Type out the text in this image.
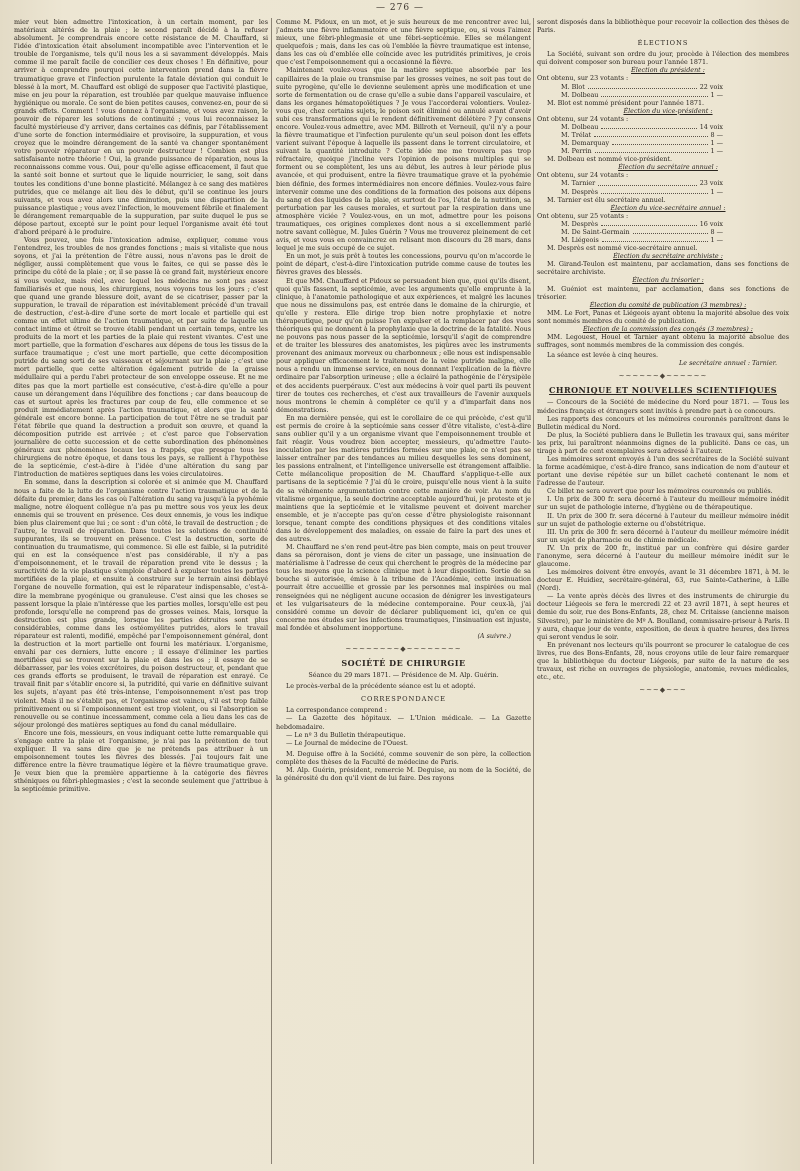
— 276 —

mier veut bien admettre l'intoxication, à un certain moment, par les matériaux altérés de la plaie ; le second paraît décidé à la refuser absolument. Je comprendrais encore cette résistance de M. Chauffard, si l'idée d'intoxication était absolument incompatible avec l'intervention et le trouble de l'organisme, tels qu'il nous les a si savamment développés. Mais comme il me paraît facile de concilier ces deux choses ! En définitive, pour arriver à comprendre pourquoi cette intervention prend dans la fièvre traumatique grave et l'infection purulente la fatale déviation qui conduit le blessé à la mort, M. Chauffard est obligé de supposer que l'activité plastique, mise en jeu pour la réparation, est troublée par quelque mauvaise influence hygiénique ou morale. Ce sont de bien petites causes, convenez-en, pour de si grands effets. Comment ! vous donnez à l'organisme, et vous avez raison, le pouvoir de réparer les solutions de continuité ; vous lui reconnaissez la faculté mystérieuse d'y arriver, dans certaines cas définis, par l'établissement d'une sorte de fonction intermédiaire et provisoire, la suppuration, et vous croyez que le moindre dérangement de la santé va changer spontanément votre pouvoir réparateur en un pouvoir destructeur ! Combien est plus satisfaisante notre théorie ! Oui, la grande puissance de réparation, nous la reconnaissons comme vous. Oui, pour qu'elle agisse efficacement, il faut que la santé soit bonne et surtout que le liquide nourricier, le sang, soit dans toutes les conditions d'une bonne plasticité. Mélangez à ce sang des matières putrides, que ce mélange ait lieu dès le début, qu'il se continue les jours suivants, et vous avez alors une diminution, puis une disparition de la puissance plastique ; vous avez l'infection, le mouvement fébrile et finalement le dérangement remarquable de la suppuration, par suite duquel le pus se dépose partout, excepté sur le point pour lequel l'organisme avait été tout d'abord préparé à le produire.

Vous pouvez, une fois l'intoxication admise, expliquer, comme vous l'entendrez, les troubles de nos grandes fonctions ; mais si vitaliste que nous soyons, et j'ai la prétention de l'être aussi, nous n'avons pas le droit de négliger, aussi complètement que vous le faites, ce qui se passe dès le principe du côté de la plaie ; or, il se passe là ce grand fait, mystérieux encore si vous voulez, mais réel, avec lequel les médecins ne sont pas assez familiarisés et que nous, les chirurgiens, nous voyons tous les jours ; c'est que quand une grande blessure doit, avant de se cicatriser, passer par la suppuration, le travail de réparation est inévitablement précédé d'un travail de destruction, c'est-à-dire d'une sorte de mort locale et partielle qui est comme un effet ultime de l'action traumatique, et par suite de laquelle un contact intime et étroit se trouve établi pendant un certain temps, entre les produits de la mort et les parties de la plaie qui restent vivantes. C'est une mort partielle, que la formation d'eschares aux dépens de tous les tissus de la surface traumatique ; c'est une mort partielle, que cette décomposition putride du sang sorti de ses vaisseaux et séjournant sur la plaie ; c'est une mort partielle, que cette altération également putride de la graisse médullaire qui a perdu l'abri protecteur de son enveloppe osseuse. Et ne me dites pas que la mort partielle est consécutive, c'est-à-dire qu'elle a pour cause un dérangement dans l'équilibre des fonctions ; car dans beaucoup de cas et surtout après les fractures par coup de feu, elle commence et se produit immédiatement après l'action traumatique, et alors que la santé générale est encore bonne. La participation de tout l'être ne se traduit par l'état fébrile que quand la destruction a produit son œuvre, et quand la décomposition putride est arrivée ; et c'est parce que l'observation journalière de cette succession et de cette subordination des phénomènes généraux aux phénomènes locaux les a frappés, que presque tous les chirurgiens de notre époque, et dans tous les pays, se rallient à l'hypothèse de la septicémie, c'est-à-dire à l'idée d'une altération du sang par l'introduction de matières septiques dans les voies circulatoires.

En somme, dans la description si colorée et si animée que M. Chauffard nous a faite de la lutte de l'organisme contre l'action traumatique et de la défaite du premier, dans les cas où l'altération du sang va jusqu'à la pyohémie maligne, notre éloquent collègue n'a pas pu mettre sous vos yeux les deux ennemis qui se trouvent en présence. Ces deux ennemis, je vous les indique bien plus clairement que lui ; ce sont : d'un côté, le travail de destruction ; de l'autre, le travail de réparation. Dans toutes les solutions de continuité suppurantes, ils se trouvent en présence. C'est la destruction, sorte de continuation du traumatisme, qui commence. Si elle est faible, si la putridité qui en est la conséquence n'est pas considérable, il n'y a pas d'empoisonnement, et le travail de réparation prend vite le dessus ; la suractivité de la vie plastique s'emploie d'abord à expulser toutes les parties mortifiées de la plaie, et ensuite à construire sur le terrain ainsi déblayé l'organe de nouvelle formation, qui est le réparateur indispensable, c'est-à-dire la membrane pyogénique ou granuleuse. C'est ainsi que les choses se passent lorsque la plaie n'intéresse que les parties molles, lorsqu'elle est peu profonde, lorsqu'elle ne comprend pas de grosses veines. Mais, lorsque la destruction est plus grande, lorsque les parties détruites sont plus considérables, comme dans les ostéomyélites putrides, alors le travail réparateur est ralenti, modifié, empêché par l'empoisonnement général, dont la destruction et la mort partielle ont fourni les matériaux. L'organisme, envahi par ces derniers, lutte encore ; il essaye d'éliminer les parties mortifiées qui se trouvent sur la plaie et dans les os ; il essaye de se débarrasser, par les voies excrétoires, du poison destructeur, et, pendant que ces grands efforts se produisent, le travail de réparation est enrayé. Ce travail finit par s'établir encore si, la putridité, qui varie en définitive suivant les sujets, n'ayant pas été très-intense, l'empoisonnement n'est pas trop violent. Mais il ne s'établit pas, et l'organisme est vaincu, s'il est trop faible primitivement ou si l'empoisonnement est trop violent, ou si l'absorption se renouvelle ou se continue incessamment, comme cela a lieu dans les cas de séjour prolongé des matières septiques au fond du canal médullaire.

Encore une fois, messieurs, en vous indiquant cette lutte remarquable qui s'engage entre la plaie et l'organisme, je n'ai pas la prétention de tout expliquer. Il va sans dire que je ne prétends pas attribuer à un empoisonnement toutes les fièvres des blessés. J'ai toujours fait une différence entre la fièvre traumatique légère et la fièvre traumatique grave. Je veux bien que la première appartienne à la catégorie des fièvres sthéniques ou fébri-phlegmasies ; c'est la seconde seulement que j'attribue à la septicémie primitive.

Comme M. Pidoux, en un mot, et je suis heureux de me rencontrer avec lui, j'admets une fièvre inflammatoire et une fièvre septique, ou, si vous l'aimez mieux, une fébri-phlegmasie et une fébri-septicémie. Elles se mélangent quelquefois ; mais, dans les cas où l'emblée la fièvre traumatique est intense, dans les cas où d'emblée elle coïncide avec les putridités primitives, je crois que c'est l'empoisonnement qui a occasionné la fièvre.

Maintenant voulez-vous que la matière septique absorbée par les capillaires de la plaie ou transmise par les grosses veines, ne soit pas tout de suite pyrogène, qu'elle le devienne seulement après une modification et une sorte de fermentation ou de crase qu'elle a subie dans l'appareil vasculaire, et dans les organes hématopoïétiques ? Je vous l'accorderai volontiers. Voulez-vous que, chez certains sujets, le poison soit éliminé ou annulé avant d'avoir subi ces transformations qui le rendent définitivement délétère ? J'y consens encore. Voulez-vous admettre, avec MM. Billroth et Verneuil, qu'il n'y a pour la fièvre traumatique et l'infection purulente qu'un seul poison dont les effets varient suivant l'époque à laquelle ils passent dans le torrent circulatoire, et suivant la quantité introduite ? Cette idée me me trouvera pas trop réfractaire, quoique j'incline vers l'opinion de poisons multiples qui se forment ou se complètent, les uns au début, les autres à leur période plus avancée, et qui produisent, entre la fièvre traumatique grave et la pyohémie bien définie, des formes intermédiaires non encore définies. Voulez-vous faire intervenir comme une des conditions de la formation des poisons aux dépens du sang et des liquides de la plaie, et surtout de l'os, l'état de la nutrition, sa perturbation par les causes morales, et surtout par la respiration dans une atmosphère viciée ? Voulez-vous, en un mot, admettre pour les poisons traumatiques, ces origines complexes dont nous a si excellemment parlé notre savant collègue, M. Jules Guérin ? Vous me trouverez pleinement de cet avis, et vous vous en convaincrez en relisant mon discours du 28 mars, dans lequel je me suis occupé de ce sujet.

En un mot, je suis prêt à toutes les concessions, pourvu qu'on m'accorde le point de départ, c'est-à-dire l'intoxication putride comme cause de toutes les fièvres graves des blessés.

Et que MM. Chauffard et Pidoux se persuadent bien que, quoi qu'ils disent, quoi qu'ils fassent, la septicémie, avec les arguments qu'elle emprunte à la clinique, à l'anatomie pathologique et aux expériences, et malgré les lacunes que nous ne dissimulons pas, est entrée dans le domaine de la chirurgie, et qu'elle y restera. Elle dirige trop bien notre prophylaxie et notre thérapeutique, pour qu'on puisse l'en expulser et la remplacer par des vues théoriques qui ne donnent à la prophylaxie que la doctrine de la fatalité. Nous ne pouvons pas nous passer de la septicémie, lorsqu'il s'agit de comprendre et de traiter les blessures des anatomistes, les piqûres avec les instruments provenant des animaux morveux ou charbonneux ; elle nous est indispensable pour appliquer efficacement le traitement de la veine putride maligne, elle nous a rendu un immense service, en nous donnant l'explication de la fièvre ordinaire par l'absorption urineuse ; elle a éclairé la pathogénie de l'érysipèle et des accidents puerpéraux. C'est aux médecins à voir quel parti ils peuvent tirer de toutes ces recherches, et c'est aux travailleurs de l'avenir auxquels nous montrons le chemin à compléter ce qu'il y a d'imparfait dans nos démonstrations.

En ma dernière pensée, qui est le corollaire de ce qui précède, c'est qu'il est permis de croire à la septicémie sans cesser d'être vitaliste, c'est-à-dire sans oublier qu'il y a un organisme vivant que l'empoisonnement trouble et fait réagir. Vous voudrez bien accepter, messieurs, qu'admettre l'auto-inoculation par les matières putrides formées sur une plaie, ce n'est pas se laisser entraîner par des tendances au milieu desquelles les sens dominent, les passions entraînent, et l'intelligence universelle est étrangement affaiblie. Cette mélancolique proposition de M. Chauffard s'applique-t-elle aux partisans de la septicémie ? J'ai dû le croire, puisqu'elle nous vient à la suite de sa véhémente argumentation contre cette manière de voir. Au nom du vitalisme organique, la seule doctrine acceptable aujourd'hui, je proteste et je maintiens que la septicémie et le vitalisme peuvent et doivent marcher ensemble, et je n'accepte pas qu'on cesse d'être physiologiste raisonnant lorsque, tenant compte des conditions physiques et des conditions vitales dans le développement des maladies, on essaie de faire la part des unes et des autres.

M. Chauffard ne s'en rend peut-être pas bien compte, mais on peut trouver dans sa péroraison, dont je viens de citer un passage, une insinuation de matérialisme à l'adresse de ceux qui cherchent le progrès de la médecine par tous les moyens que la science clinique met à leur disposition. Sortie de sa bouche si autorisée, émise à la tribune de l'Académie, cette insinuation pourrait être accueillie et grossie par les personnes mal inspirées ou mal renseignées qui ne négligent aucune occasion de dénigrer les investigateurs et les vulgarisateurs de la médecine contemporaine. Pour ceux-là, j'ai considéré comme un devoir de déclarer publiquement ici, qu'en ce qui concerne nos études sur les infections traumatiques, l'insinuation est injuste, mal fondée et absolument inopportune.

(A suivre.)

~~~~~~~~◆~~~~~~~~
SOCIÉTÉ DE CHIRURGIE

Séance du 29 mars 1871. — Présidence de M. Alp. Guérin.

Le procès-verbal de la précédente séance est lu et adopté.

CORRESPONDANCE

La correspondance comprend :

— La Gazette des hôpitaux. — L'Union médicale. — La Gazette hebdomadaire.

— Le nº 3 du Bulletin thérapeutique.

— Le Journal de médecine de l'Ouest.

M. Deguise offre à la Société, comme souvenir de son père, la collection complète des thèses de la Faculté de médecine de Paris.

M. Alp. Guérin, président, remercie M. Deguise, au nom de la Société, de la générosité du don qu'il vient de lui faire. Des rayons

seront disposés dans la bibliothèque pour recevoir la collection des thèses de Paris.

ÉLECTIONS

La Société, suivant son ordre du jour, procède à l'élection des membres qui doivent composer son bureau pour l'année 1871.

Élection du président :

Ont obtenu, sur 23 votants :

M. Blot	22 voix
M. Dolbeau	1 —

M. Blot est nommé président pour l'année 1871.

Élection du vice-président :

Ont obtenu, sur 24 votants :

M. Dolbeau	14 voix
M. Trélat	8 —
M. Demarquay	1 —
M. Perrin	1 —

M. Dolbeau est nommé vice-président.

Élection du secrétaire annuel :

Ont obtenu, sur 24 votants :

M. Tarnier	23 voix
M. Desprès	1 —

M. Tarnier est élu secrétaire annuel.

Élection du vice-secrétaire annuel :

Ont obtenu, sur 25 votants :

M. Desprès	16 voix
M. De Saint-Germain	8 —
M. Liégeois	1 —

M. Desprès est nommé vice-secrétaire annuel.

Élection du secrétaire archiviste :

M. Girand-Teulon est maintenu, par acclamation, dans ses fonctions de secrétaire archiviste.

Élection du trésorier :

M. Guéniot est maintenu, par acclamation, dans ses fonctions de trésorier.

Élection du comité de publication (3 membres) :

MM. Le Fort, Panas et Liégeois ayant obtenu la majorité absolue des voix sont nommés membres du comité de publication.

Élection de la commission des congés (3 membres) :

MM. Legouest, Houel et Tarnier ayant obtenu la majorité absolue des suffrages, sont nommés membres de la commission des congés.

La séance est levée à cinq heures.

Le secrétaire annuel : Tarnier.

~~~~~~◆~~~~~~
CHRONIQUE ET NOUVELLES SCIENTIFIQUES

— Concours de la Société de médecine du Nord pour 1871. — Tous les médecins français et étrangers sont invités à prendre part à ce concours.

Les rapports des concours et les mémoires couronnés paraîtront dans le Bulletin médical du Nord.

De plus, la Société publiera dans le Bulletin les travaux qui, sans mériter les prix, lui paraîtront néanmoins dignes de la publicité. Dans ce cas, un tirage à part de cent exemplaires sera adressé à l'auteur.

Les mémoires seront envoyés à l'un des secrétaires de la Société suivant la forme académique, c'est-à-dire franco, sans indication de nom d'auteur et portant une devise répétée sur un billet cacheté contenant le nom et l'adresse de l'auteur.

Ce billet ne sera ouvert que pour les mémoires couronnés ou publiés.

I. Un prix de 300 fr. sera décerné à l'auteur du meilleur mémoire inédit sur un sujet de pathologie interne, d'hygiène ou de thérapeutique.

II. Un prix de 300 fr. sera décerné à l'auteur du meilleur mémoire inédit sur un sujet de pathologie externe ou d'obstétrique.

III. Un prix de 300 fr. sera décerné à l'auteur du meilleur mémoire inédit sur un sujet de pharmacie ou de chimie médicale.

IV. Un prix de 200 fr., institué par un confrère qui désire garder l'anonyme, sera décerné à l'auteur du meilleur mémoire inédit sur le glaucome.

Les mémoires doivent être envoyés, avant le 31 décembre 1871, à M. le docteur E. Huidiez, secrétaire-général, 63, rue Sainte-Catherine, à Lille (Nord).

— La vente après décès des livres et des instruments de chirurgie du docteur Liégeois se fera le mercredi 22 et 23 avril 1871, à sept heures et demie du soir, rue des Bons-Enfants, 28, chez M. Critaisse (ancienne maison Silvestre), par le ministère de Mº A. Boulland, commissaire-priseur à Paris. Il y aura, chaque jour de vente, exposition, de deux à quatre heures, des livres qui seront vendus le soir.

En prévenant nos lecteurs qu'ils pourront se procurer le catalogue de ces livres, rue des Bons-Enfants, 28, nous croyons utile de leur faire remarquer que la bibliothèque du docteur Liégeois, par suite de la nature de ses travaux, est riche en ouvrages de physiologie, anatomie, revues médicales, etc., etc.

~~~◆~~~
